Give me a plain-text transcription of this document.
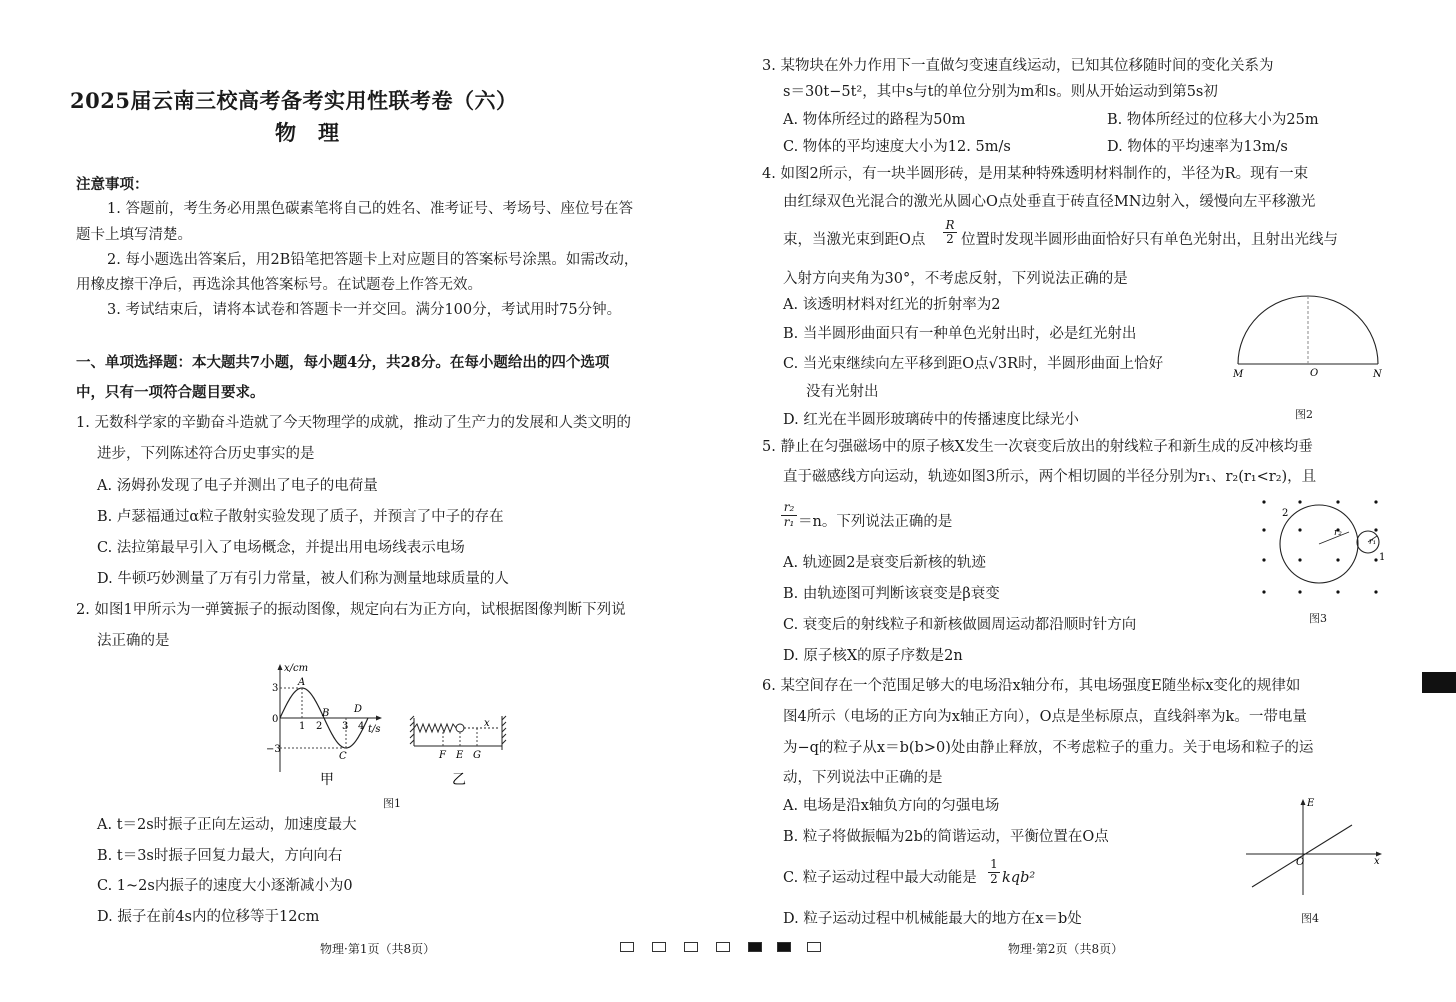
2025届云南三校高考备考实用性联考卷（六）
物理
注意事项：
1. 答题前，考生务必用黑色碳素笔将自己的姓名、准考证号、考场号、座位号在答
题卡上填写清楚。
2. 每小题选出答案后，用2B铅笔把答题卡上对应题目的答案标号涂黑。如需改动，
用橡皮擦干净后，再选涂其他答案标号。在试题卷上作答无效。
3. 考试结束后，请将本试卷和答题卡一并交回。满分100分，考试用时75分钟。
一、单项选择题：本大题共7小题，每小题4分，共28分。在每小题给出的四个选项
中，只有一项符合题目要求。
1. 无数科学家的辛勤奋斗造就了今天物理学的成就，推动了生产力的发展和人类文明的
进步，下列陈述符合历史事实的是
A. 汤姆孙发现了电子并测出了电子的电荷量
B. 卢瑟福通过α粒子散射实验发现了质子，并预言了中子的存在
C. 法拉第最早引入了电场概念，并提出用电场线表示电场
D. 牛顿巧妙测量了万有引力常量，被人们称为测量地球质量的人
2. 如图1甲所示为一弹簧振子的振动图像，规定向右为正方向，试根据图像判断下列说
法正确的是
x/cm
t/s
3
−3
0
1 2 3 4
A
B
C
D
甲
F E G
x
乙
图1
A. t＝2s时振子正向左运动，加速度最大
B. t＝3s时振子回复力最大，方向向右
C. 1~2s内振子的速度大小逐渐减小为0
D. 振子在前4s内的位移等于12cm
物理·第1页（共8页）
3. 某物块在外力作用下一直做匀变速直线运动，已知其位移随时间的变化关系为
s＝30t−5t²，其中s与t的单位分别为m和s。则从开始运动到第5s初
A. 物体所经过的路程为50m	B. 物体所经过的位移大小为25m
C. 物体的平均速度大小为12. 5m/s	D. 物体的平均速率为13m/s
4. 如图2所示，有一块半圆形砖，是用某种特殊透明材料制作的，半径为R。现有一束
由红绿双色光混合的激光从圆心O点处垂直于砖直径MN边射入，缓慢向左平移激光
束，当激光束到距O点 $\frac{R}{2}$ 位置时发现半圆形曲面恰好只有单色光射出，且射出光线与
入射方向夹角为30°，不考虑反射，下列说法正确的是
A. 该透明材料对红光的折射率为2
B. 当半圆形曲面只有一种单色光射出时，必是红光射出
C. 当光束继续向左平移到距O点√3R时，半圆形曲面上恰好
没有光射出
D. 红光在半圆形玻璃砖中的传播速度比绿光小
M	O	N
图2
5. 静止在匀强磁场中的原子核X发生一次衰变后放出的射线粒子和新生成的反冲核均垂
直于磁感线方向运动，轨迹如图3所示，两个相切圆的半径分别为r₁、r₂(r₁<r₂)，且
$\frac{\text{r₂}}{\text{r₁}} =n$。下列说法正确的是
A. 轨迹圆2是衰变后新核的轨迹
B. 由轨迹图可判断该衰变是β衰变
C. 衰变后的射线粒子和新核做圆周运动都沿顺时针方向
D. 原子核X的原子序数是2n
2
1
r₂
r₁
图3
6. 某空间存在一个范围足够大的电场沿x轴分布，其电场强度E随坐标x变化的规律如
图4所示（电场的正方向为x轴正方向），O点是坐标原点，直线斜率为k。一带电量
为−q的粒子从x＝b(b>0)处由静止释放，不考虑粒子的重力。关于电场和粒子的运
动，下列说法中正确的是
A. 电场是沿x轴负方向的匀强电场
B. 粒子将做振幅为2b的简谐运动，平衡位置在O点
C. 粒子运动过程中最大动能是 $\frac{1}{2} kqb^2$
D. 粒子运动过程中机械能最大的地方在x＝b处
E
O	x
图4
物理·第2页（共8页）
